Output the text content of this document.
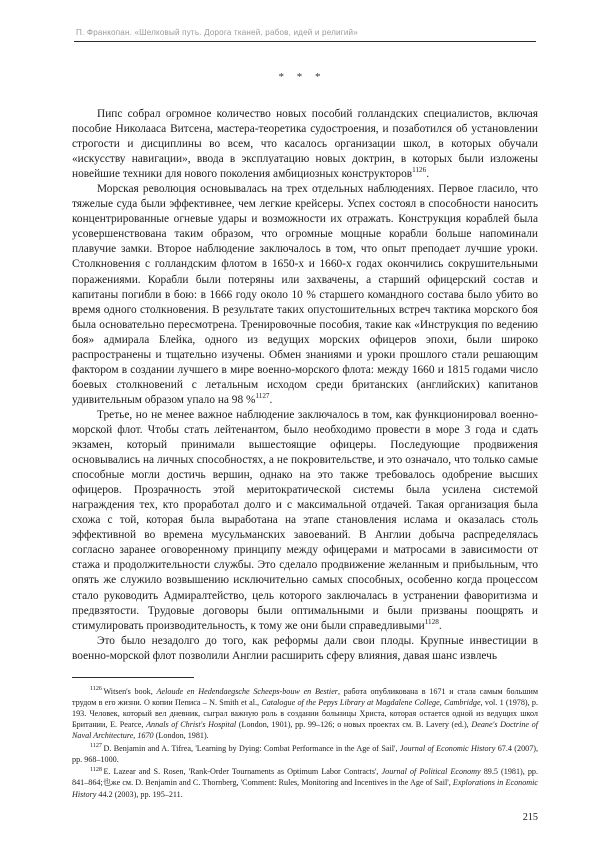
П. Франкопан. «Шелковый путь. Дорога тканей, рабов, идей и религий»
* * *

Пипс собрал огромное количество новых пособий голландских специалистов, включая пособие Николааса Витсена, мастера-теоретика судостроения, и позаботился об установлении строгости и дисциплины во всем, что касалось организации школ, в которых обучали «искусству навигации», ввода в эксплуатацию новых доктрин, в которых были изложены новейшие техники для нового поколения амбициозных конструкторов$^{1126}$.

Морская революция основывалась на трех отдельных наблюдениях. Первое гласило, что тяжелые суда были эффективнее, чем легкие крейсеры. Успех состоял в способности наносить концентрированные огневые удары и возможности их отражать. Конструкция кораблей была усовершенствована таким образом, что огромные мощные корабли больше напоминали плавучие замки. Второе наблюдение заключалось в том, что опыт преподает лучшие уроки. Столкновения с голландским флотом в 1650-х и 1660-х годах окончились сокрушительными поражениями. Корабли были потеряны или захвачены, а старший офицерский состав и капитаны погибли в бою: в 1666 году около 10 % старшего командного состава было убито во время одного столкновения. В результате таких опустошительных встреч тактика морского боя была основательно пересмотрена. Тренировочные пособия, такие как «Инструкция по ведению боя» адмирала Блейка, одного из ведущих морских офицеров эпохи, были широко распространены и тщательно изучены. Обмен знаниями и уроки прошлого стали решающим фактором в создании лучшего в мире военно-морского флота: между 1660 и 1815 годами число боевых столкновений с летальным исходом среди британских (английских) капитанов удивительным образом упало на 98 %$^{1127}$.

Третье, но не менее важное наблюдение заключалось в том, как функционировал военно-морской флот. Чтобы стать лейтенантом, было необходимо провести в море 3 года и сдать экзамен, который принимали вышестоящие офицеры. Последующие продвижения основывались на личных способностях, а не покровительстве, и это означало, что только самые способные могли достичь вершин, однако на это также требовалось одобрение высших офицеров. Прозрачность этой меритократической системы была усилена системой награждения тех, кто проработал долго и с максимальной отдачей. Такая организация была схожа с той, которая была выработана на этапе становления ислама и оказалась столь эффективной во времена мусульманских завоеваний. В Англии добыча распределялась согласно заранее оговоренному принципу между офицерами и матросами в зависимости от стажа и продолжительности службы. Это сделало продвижение желанным и прибыльным, что опять же служило возвышению исключительно самых способных, особенно когда процессом стало руководить Адмиралтейство, цель которого заключалась в устранении фаворитизма и предвзятости. Трудовые договоры были оптимальными и были призваны поощрять и стимулировать производительность, к тому же они были справедливыми$^{1128}$.

Это было незадолго до того, как реформы дали свои плоды. Крупные инвестиции в военно-морской флот позволили Англии расширить сферу влияния, давая шанс извлечь

$^{1126}$ Witsen's book, Aeloude en Hedendaegsche Scheeps-bouw en Bestier, работа опубликована в 1671 и стала самым большим трудом в его жизни. О копии Пеписа – N. Smith et al., Catalogue of the Pepys Library at Magdalene College, Cambridge, vol. 1 (1978), p. 193. Человек, который вел дневник, сыграл важную роль в создании больницы Христа, которая остается одной из ведущих школ Британии, E. Pearce, Annals of Christ's Hospital (London, 1901), pp. 99–126; о новых проектах см. B. Lavery (ed.), Deane's Doctrine of Naval Architecture, 1670 (London, 1981).

$^{1127}$ D. Benjamin and A. Tifrea, 'Learning by Dying: Combat Performance in the Age of Sail', Journal of Economic History 67.4 (2007), pp. 968–1000.

$^{1128}$ E. Lazear and S. Rosen, 'Rank-Order Tournaments as Optimum Labor Contracts', Journal of Political Economy 89.5 (1981), pp. 841–864;也же см. D. Benjamin and C. Thornberg, 'Comment: Rules, Monitoring and Incentives in the Age of Sail', Explorations in Economic History 44.2 (2003), pp. 195–211.

215
